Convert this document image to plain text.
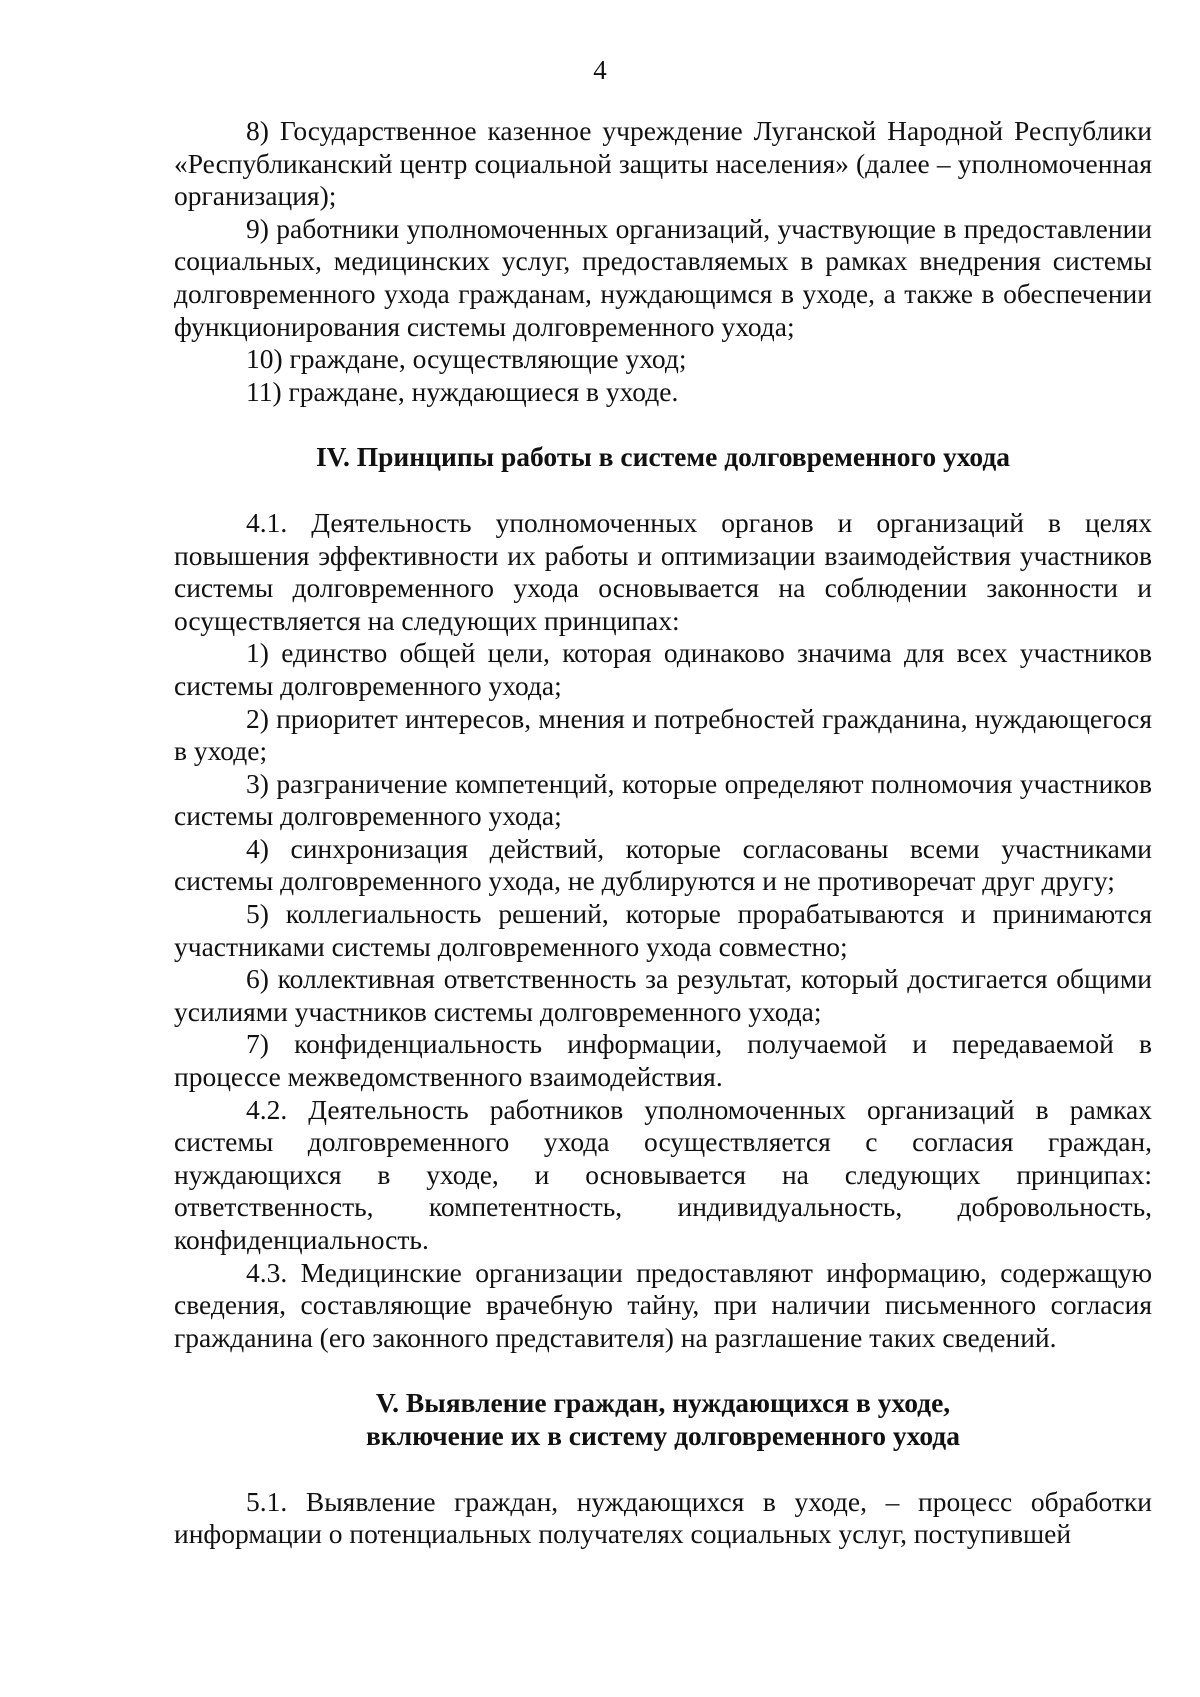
4

8) Государственное казенное учреждение Луганской Народной Республики «Республиканский центр социальной защиты населения» (далее – уполномоченная организация);

9) работники уполномоченных организаций, участвующие в предоставлении социальных, медицинских услуг, предоставляемых в рамках внедрения системы долговременного ухода гражданам, нуждающимся в уходе, а также в обеспечении функционирования системы долговременного ухода;

10) граждане, осуществляющие уход;

11) граждане, нуждающиеся в уходе.

IV. Принципы работы в системе долговременного ухода

4.1. Деятельность уполномоченных органов и организаций в целях повышения эффективности их работы и оптимизации взаимодействия участников системы долговременного ухода основывается на соблюдении законности и осуществляется на следующих принципах:

1) единство общей цели, которая одинаково значима для всех участников системы долговременного ухода;

2) приоритет интересов, мнения и потребностей гражданина, нуждающегося в уходе;

3) разграничение компетенций, которые определяют полномочия участников системы долговременного ухода;

4) синхронизация действий, которые согласованы всеми участниками системы долговременного ухода, не дублируются и не противоречат друг другу;

5) коллегиальность решений, которые прорабатываются и принимаются участниками системы долговременного ухода совместно;

6) коллективная ответственность за результат, который достигается общими усилиями участников системы долговременного ухода;

7) конфиденциальность информации, получаемой и передаваемой в процессе межведомственного взаимодействия.

4.2. Деятельность работников уполномоченных организаций в рамках системы долговременного ухода осуществляется с согласия граждан, нуждающихся в уходе, и основывается на следующих принципах: ответственность, компетентность, индивидуальность, добровольность, конфиденциальность.

4.3. Медицинские организации предоставляют информацию, содержащую сведения, составляющие врачебную тайну, при наличии письменного согласия гражданина (его законного представителя) на разглашение таких сведений.

V. Выявление граждан, нуждающихся в уходе,

включение их в систему долговременного ухода

5.1. Выявление граждан, нуждающихся в уходе, – процесс обработки информации о потенциальных получателях социальных услуг, поступившей
